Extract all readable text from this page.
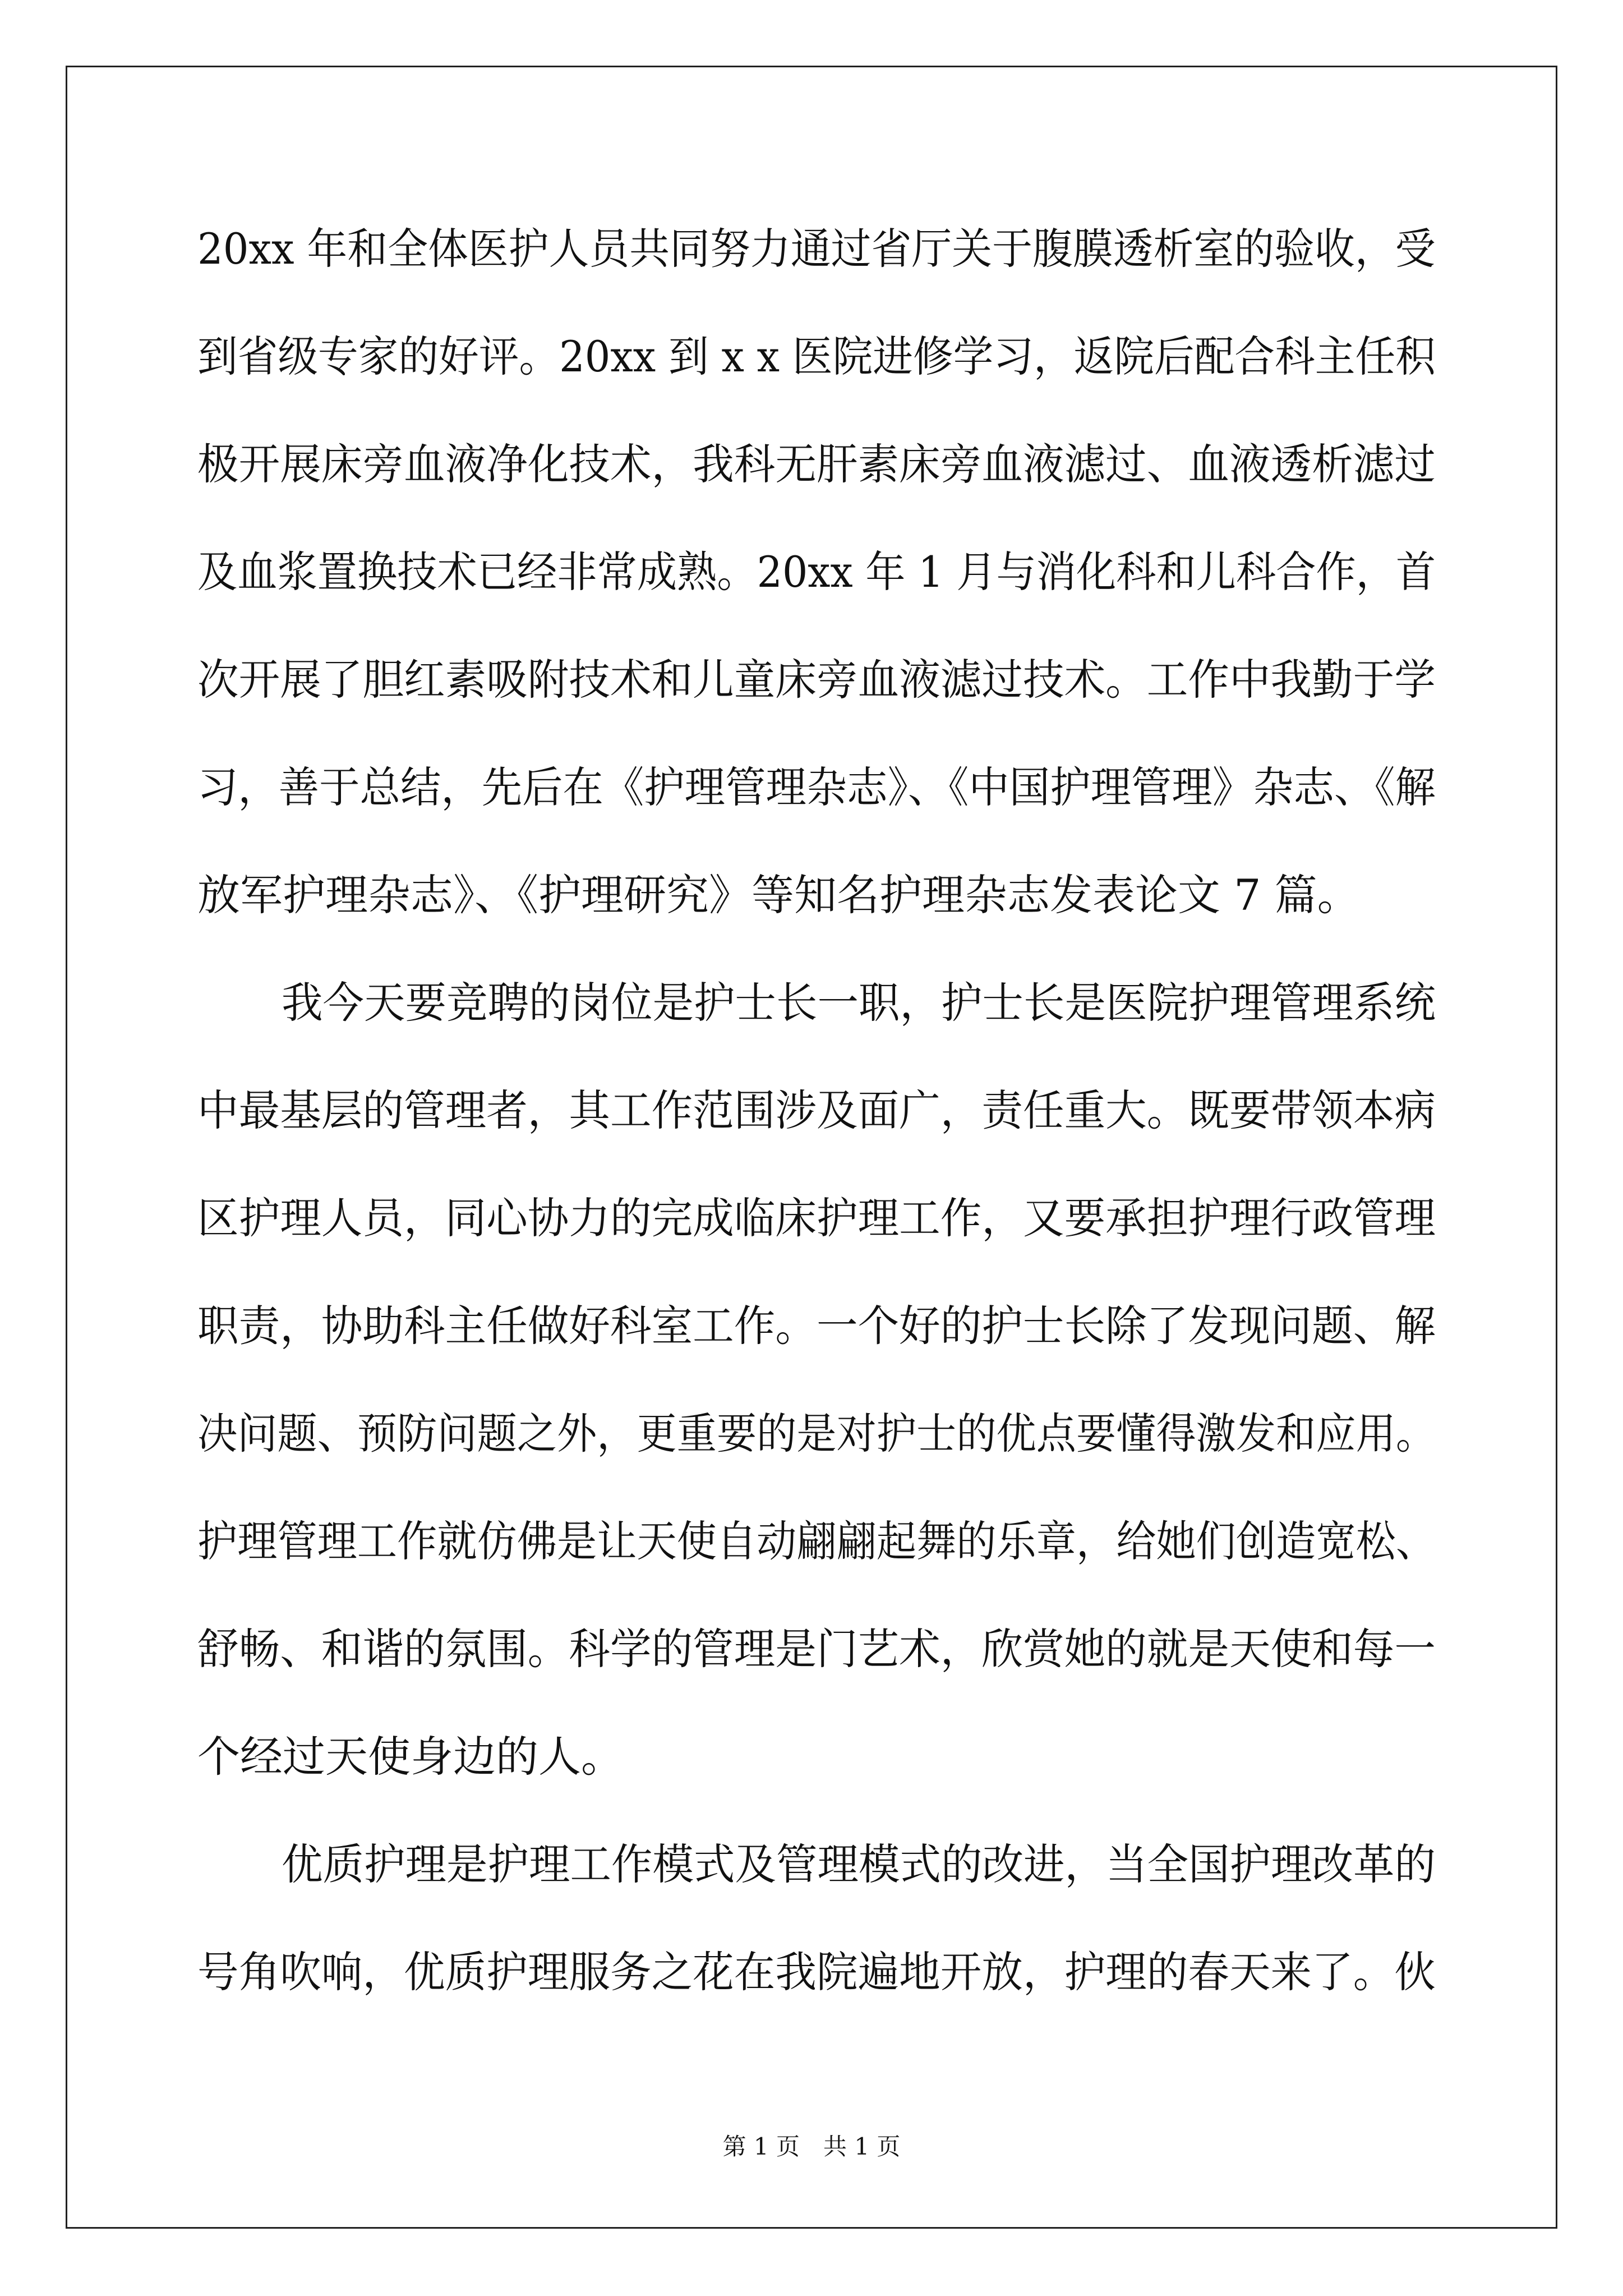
20xx 年和全体医护人员共同努力通过省厅关于腹膜透析室的验收，受
到省级专家的好评。20xx 到 x x 医院进修学习，返院后配合科主任积
极开展床旁血液净化技术，我科无肝素床旁血液滤过、血液透析滤过
及血浆置换技术已经非常成熟。20xx 年 1 月与消化科和儿科合作，首
次开展了胆红素吸附技术和儿童床旁血液滤过技术。工作中我勤于学
习，善于总结，先后在《护理管理杂志》、《中国护理管理》杂志、《解
放军护理杂志》、《护理研究》等知名护理杂志发表论文 7 篇。
我今天要竞聘的岗位是护士长一职，护士长是医院护理管理系统
中最基层的管理者，其工作范围涉及面广，责任重大。既要带领本病
区护理人员，同心协力的完成临床护理工作，又要承担护理行政管理
职责，协助科主任做好科室工作。一个好的护士长除了发现问题、解
决问题、预防问题之外，更重要的是对护士的优点要懂得激发和应用。
护理管理工作就仿佛是让天使自动翩翩起舞的乐章，给她们创造宽松、
舒畅、和谐的氛围。科学的管理是门艺术，欣赏她的就是天使和每一
个经过天使身边的人。
优质护理是护理工作模式及管理模式的改进，当全国护理改革的
号角吹响，优质护理服务之花在我院遍地开放，护理的春天来了。伙
第 1 页　共 1 页
